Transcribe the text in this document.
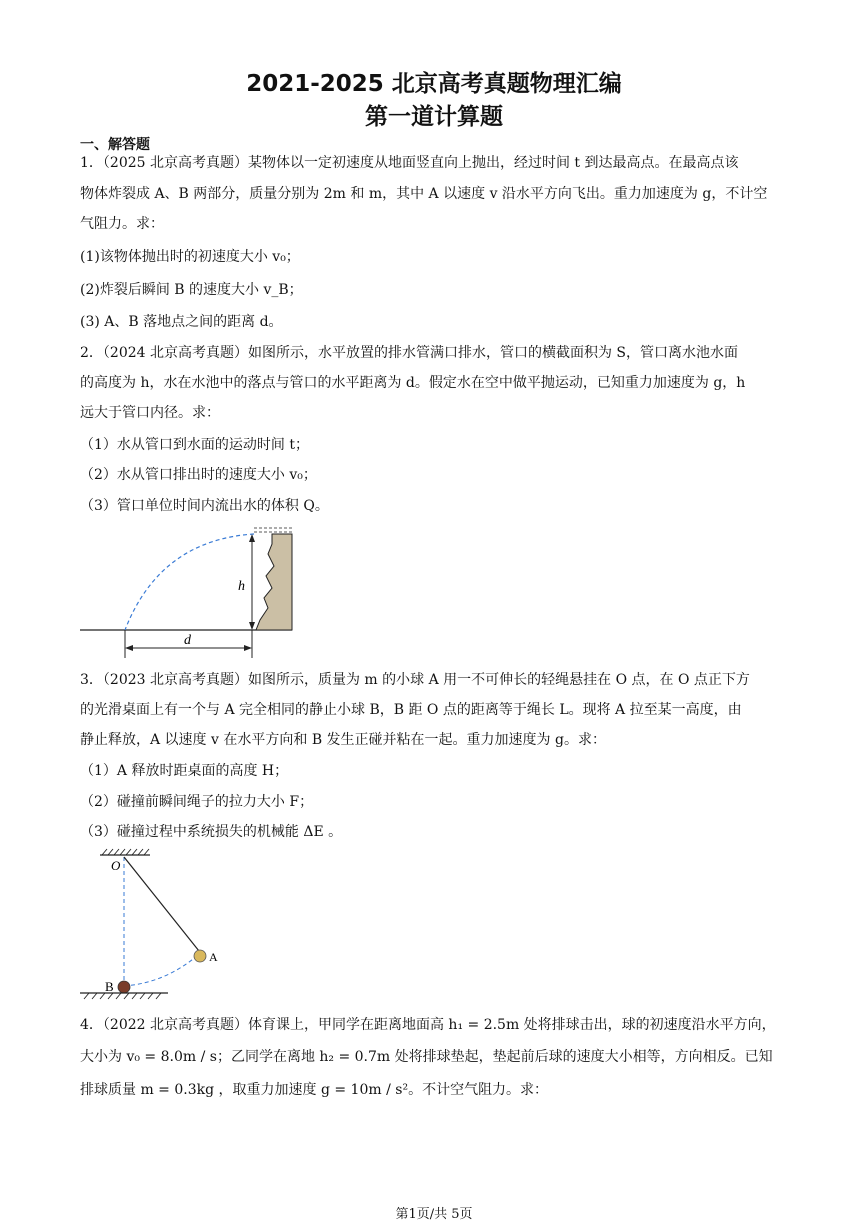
2021-2025 北京高考真题物理汇编
第一道计算题
一、解答题
1．（2025 北京高考真题）某物体以一定初速度从地面竖直向上抛出，经过时间 t 到达最高点。在最高点该
物体炸裂成 A、B 两部分，质量分别为 2m 和 m，其中 A 以速度 v 沿水平方向飞出。重力加速度为 g，不计空
气阻力。求：
(1)该物体抛出时的初速度大小 v₀；
(2)炸裂后瞬间 B 的速度大小 v_B；
(3) A、B 落地点之间的距离 d。
2．（2024 北京高考真题）如图所示，水平放置的排水管满口排水，管口的横截面积为 S，管口离水池水面
的高度为 h，水在水池中的落点与管口的水平距离为 d。假定水在空中做平抛运动，已知重力加速度为 g，h
远大于管口内径。求：
（1）水从管口到水面的运动时间 t；
（2）水从管口排出时的速度大小 v₀；
（3）管口单位时间内流出水的体积 Q。
h
d
3．（2023 北京高考真题）如图所示，质量为 m 的小球 A 用一不可伸长的轻绳悬挂在 O 点，在 O 点正下方
的光滑桌面上有一个与 A 完全相同的静止小球 B，B 距 O 点的距离等于绳长 L。现将 A 拉至某一高度，由
静止释放，A 以速度 v 在水平方向和 B 发生正碰并粘在一起。重力加速度为 g。求：
（1）A 释放时距桌面的高度 H；
（2）碰撞前瞬间绳子的拉力大小 F；
（3）碰撞过程中系统损失的机械能 ΔE 。
O
A
B
4．（2022 北京高考真题）体育课上，甲同学在距离地面高 h₁ = 2.5m 处将排球击出，球的初速度沿水平方向，
大小为 v₀ = 8.0m / s；乙同学在离地 h₂ = 0.7m 处将排球垫起，垫起前后球的速度大小相等，方向相反。已知
排球质量 m = 0.3kg ，取重力加速度 g = 10m / s²。不计空气阻力。求：
第1页/共 5页
